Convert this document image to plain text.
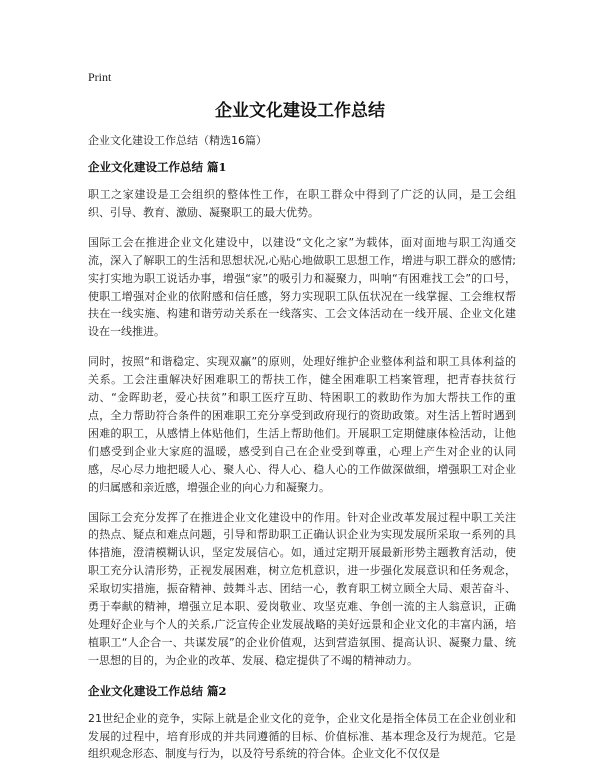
Print
企业文化建设工作总结

企业文化建设工作总结（精选16篇）

企业文化建设工作总结 篇1

职工之家建设是工会组织的整体性工作，在职工群众中得到了广泛的认同，是工会组织、引导、教育、激励、凝聚职工的最大优势。

国际工会在推进企业文化建设中，以建设“文化之家”为载体，面对面地与职工沟通交流，深入了解职工的生活和思想状况,心贴心地做职工思想工作，增进与职工群众的感情;实打实地为职工说话办事，增强“家”的吸引力和凝聚力，叫响“有困难找工会”的口号，使职工增强对企业的依附感和信任感，努力实现职工队伍状况在一线掌握、工会维权帮扶在一线实施、构建和谐劳动关系在一线落实、工会文体活动在一线开展、企业文化建设在一线推进。

同时，按照“和谐稳定、实现双赢”的原则，处理好维护企业整体利益和职工具体利益的关系。工会注重解决好困难职工的帮扶工作，健全困难职工档案管理，把青春扶贫行动、“金晖助老，爱心扶贫”和职工医疗互助、特困职工的救助作为加大帮扶工作的重点，全力帮助符合条件的困难职工充分享受到政府现行的资助政策。对生活上暂时遇到困难的职工，从感情上体贴他们，生活上帮助他们。开展职工定期健康体检活动，让他们感受到企业大家庭的温暖，感受到自己在企业受到尊重，心理上产生对企业的认同感，尽心尽力地把暖人心、聚人心、得人心、稳人心的工作做深做细，增强职工对企业的归属感和亲近感，增强企业的向心力和凝聚力。

国际工会充分发挥了在推进企业文化建设中的作用。针对企业改革发展过程中职工关注的热点、疑点和难点问题，引导和帮助职工正确认识企业为实现发展所采取一系列的具体措施，澄清模糊认识，坚定发展信心。如，通过定期开展最新形势主题教育活动，使职工充分认清形势，正视发展困难，树立危机意识，进一步强化发展意识和任务观念，采取切实措施，振奋精神、鼓舞斗志、团结一心，教育职工树立顾全大局、艰苦奋斗、勇于奉献的精神，增强立足本职、爱岗敬业、攻坚克难、争创一流的主人翁意识，正确处理好企业与个人的关系,广泛宣传企业发展战略的美好远景和企业文化的丰富内涵，培植职工“人企合一、共谋发展”的企业价值观，达到营造氛围、提高认识、凝聚力量、统一思想的目的，为企业的改革、发展、稳定提供了不竭的精神动力。

企业文化建设工作总结 篇2

21世纪企业的竞争，实际上就是企业文化的竞争，企业文化是指全体员工在企业创业和发展的过程中，培育形成的并共同遵循的目标、价值标准、基本理念及行为规范。它是组织观念形态、制度与行为，以及符号系统的符合体。企业文化不仅仅是
